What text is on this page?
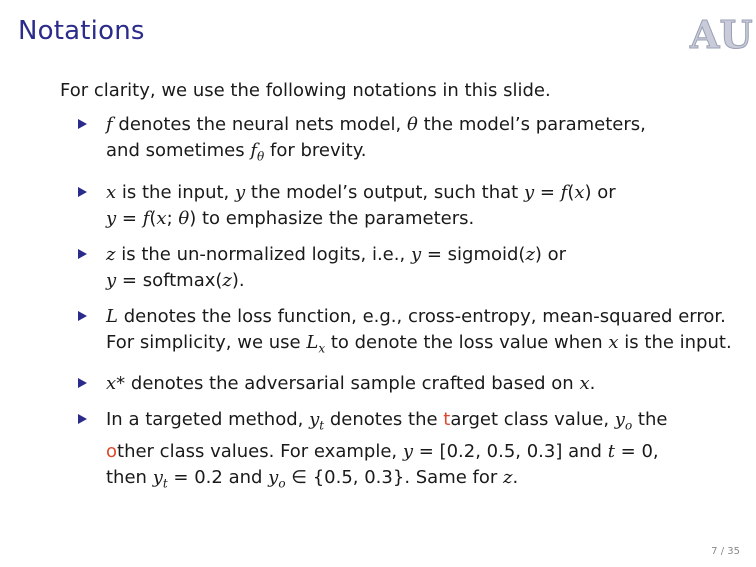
Notations	AU
For clarity, we use the following notations in this slide.
f denotes the neural nets model, θ the model’s parameters,
and sometimes $f_\theta$ for brevity.
x is the input, y the model’s output, such that y = f(x) or
y = f(x; θ) to emphasize the parameters.
z is the un-normalized logits, i.e., y = sigmoid(z) or
y = softmax(z).
L denotes the loss function, e.g., cross-entropy, mean-squared error. For simplicity, we use $L_x$ to denote the loss value when x is the input.
x* denotes the adversarial sample crafted based on x.
In a targeted method, $y_t$ denotes the target class value, $y_o$ the
other class values. For example, y = [0.2, 0.5, 0.3] and t = 0,
then $y_t = 0.2$ and $y_o$ ∈ {0.5, 0.3}. Same for z.
7 / 35
